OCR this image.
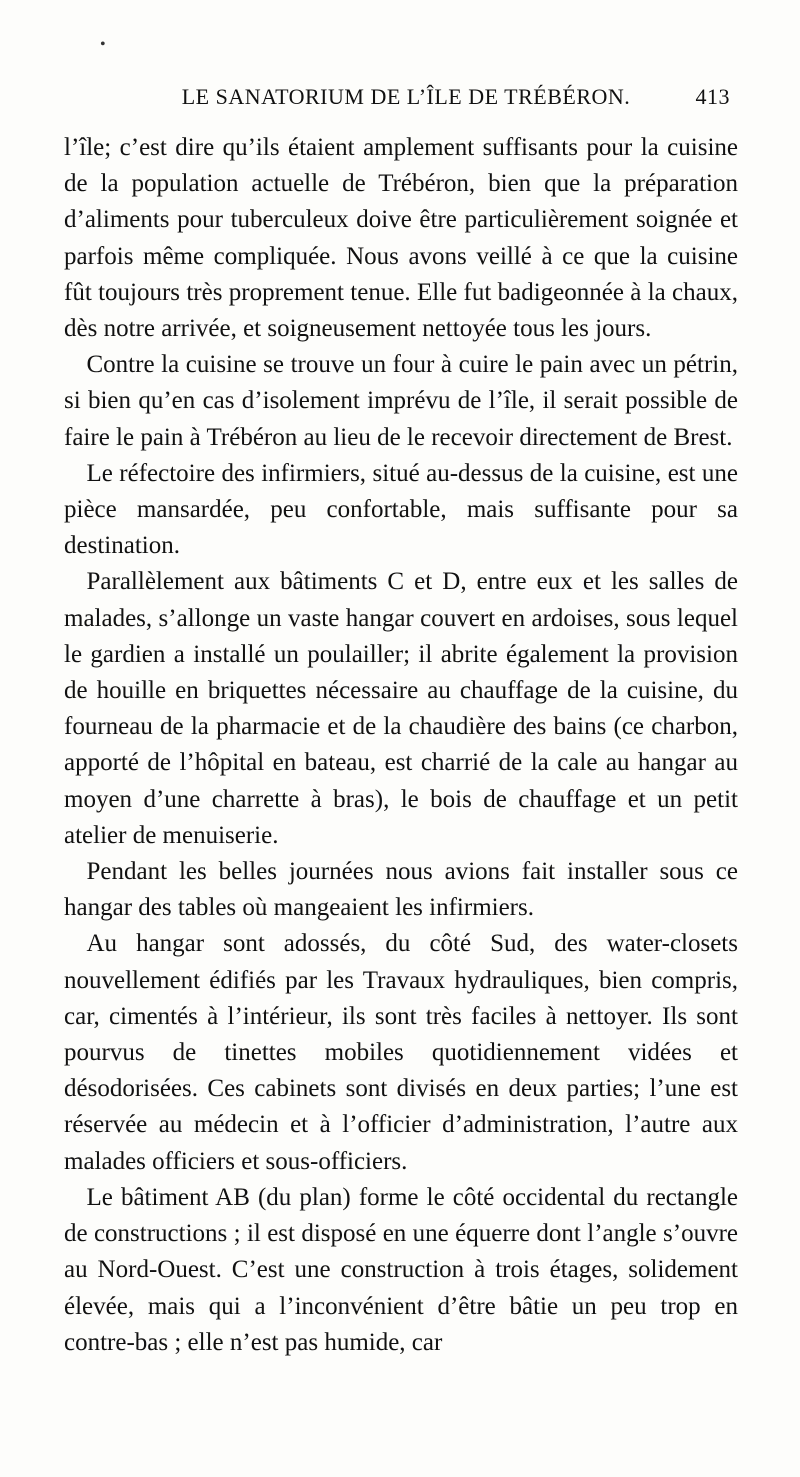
•
LE SANATORIUM DE L’ÎLE DE TRÉBÉRON.	413

l’île; c’est dire qu’ils étaient amplement suffisants pour la cuisine de la population actuelle de Trébéron, bien que la préparation d’aliments pour tuberculeux doive être particulièrement soignée et parfois même compliquée. Nous avons veillé à ce que la cuisine fût toujours très proprement tenue. Elle fut badigeonnée à la chaux, dès notre arrivée, et soigneusement nettoyée tous les jours.

Contre la cuisine se trouve un four à cuire le pain avec un pétrin, si bien qu’en cas d’isolement imprévu de l’île, il serait possible de faire le pain à Trébéron au lieu de le recevoir directement de Brest.

Le réfectoire des infirmiers, situé au-dessus de la cuisine, est une pièce mansardée, peu confortable, mais suffisante pour sa destination.

Parallèlement aux bâtiments C et D, entre eux et les salles de malades, s’allonge un vaste hangar couvert en ardoises, sous lequel le gardien a installé un poulailler; il abrite également la provision de houille en briquettes nécessaire au chauffage de la cuisine, du fourneau de la pharmacie et de la chaudière des bains (ce charbon, apporté de l’hôpital en bateau, est charrié de la cale au hangar au moyen d’une charrette à bras), le bois de chauffage et un petit atelier de menuiserie.

Pendant les belles journées nous avions fait installer sous ce hangar des tables où mangeaient les infirmiers.

Au hangar sont adossés, du côté Sud, des water-closets nouvellement édifiés par les Travaux hydrauliques, bien compris, car, cimentés à l’intérieur, ils sont très faciles à nettoyer. Ils sont pourvus de tinettes mobiles quotidiennement vidées et désodorisées. Ces cabinets sont divisés en deux parties; l’une est réservée au médecin et à l’officier d’administration, l’autre aux malades officiers et sous-officiers.

Le bâtiment AB (du plan) forme le côté occidental du rectangle de constructions ; il est disposé en une équerre dont l’angle s’ouvre au Nord-Ouest. C’est une construction à trois étages, solidement élevée, mais qui a l’inconvénient d’être bâtie un peu trop en contre-bas ; elle n’est pas humide, car
